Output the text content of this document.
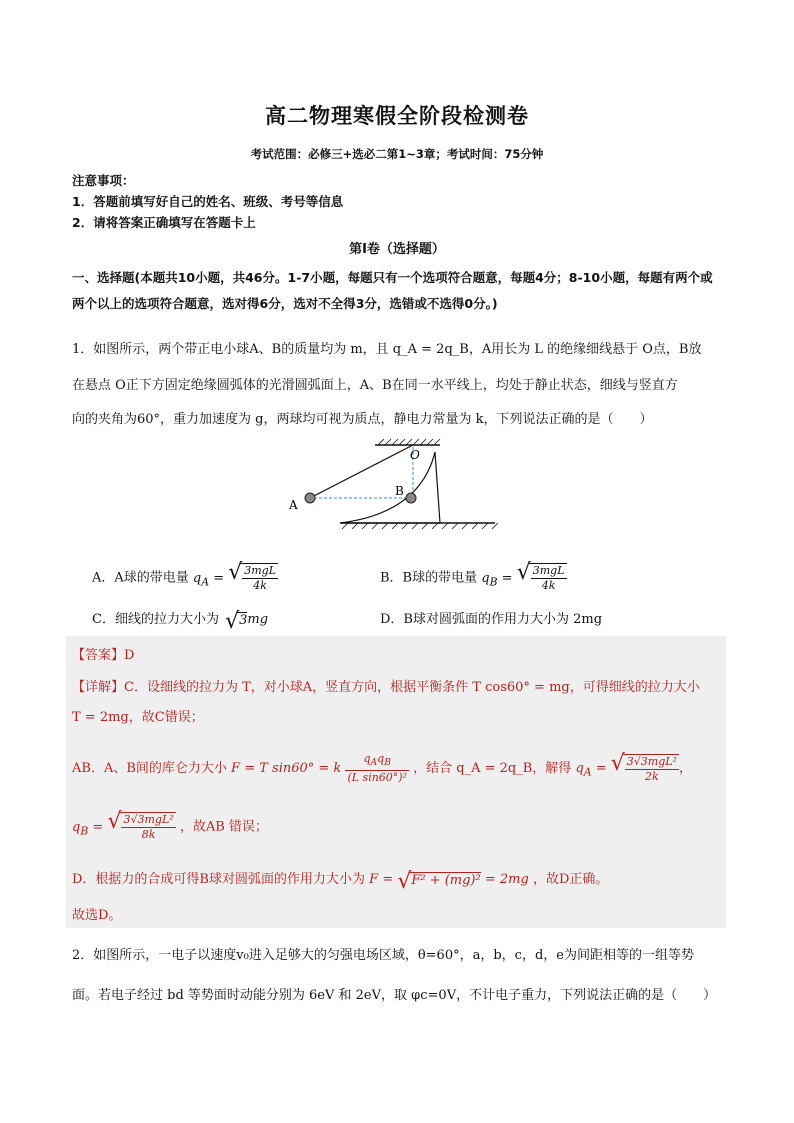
高二物理寒假全阶段检测卷
考试范围：必修三+选必二第1~3章；考试时间：75分钟
注意事项：
1．答题前填写好自己的姓名、班级、考号等信息
2．请将答案正确填写在答题卡上
第I卷（选择题）
一、选择题(本题共10小题，共46分。1-7小题，每题只有一个选项符合题意，每题4分；8-10小题，每题有两个或两个以上的选项符合题意，选对得6分，选对不全得3分，选错或不选得0分。)
1．如图所示，两个带正电小球A、B的质量均为 m，且 q_A = 2q_B，A用长为 L 的绝缘细线悬于 O点，B放
在悬点 O正下方固定绝缘圆弧体的光滑圆弧面上，A、B在同一水平线上，均处于静止状态，细线与竖直方
向的夹角为60°，重力加速度为 g，两球均可视为质点，静电力常量为 k，下列说法正确的是（　　）
A
B
O
A．A球的带电量 $q_A$ = √ $\frac{\text{3mgL}}{4k}$	B．B球的带电量 $q_B$ = √ $\frac{\text{3mgL}}{4k}$
C．细线的拉力大小为 √ 3mg	D．B球对圆弧面的作用力大小为 2mg
【答案】D
【详解】C．设细线的拉力为 T，对小球A，竖直方向，根据平衡条件 T cos60° = mg，可得细线的拉力大小
T = 2mg，故C错误；
AB．A、B间的库仑力大小 F = T sin60° = k $\frac{q_Aq_B}{\text{(L sin60°)²}}$ ，结合 q_A = 2q_B，解得 $q_A$ = √ $\frac{\text{3√3mgL²}}{2k}$ ，
$q_B$ = √ $\frac{\text{3√3mgL²}}{8k}$ ，故AB 错误；
D．根据力的合成可得B球对圆弧面的作用力大小为 F = √ F² + (mg)² = 2mg ，故D正确。
故选D。
2．如图所示，一电子以速度v₀进入足够大的匀强电场区域，θ=60°，a，b，c，d，e为间距相等的一组等势
面。若电子经过 bd 等势面时动能分别为 6eV 和 2eV，取 φc=0V，不计电子重力，下列说法正确的是（　　）
